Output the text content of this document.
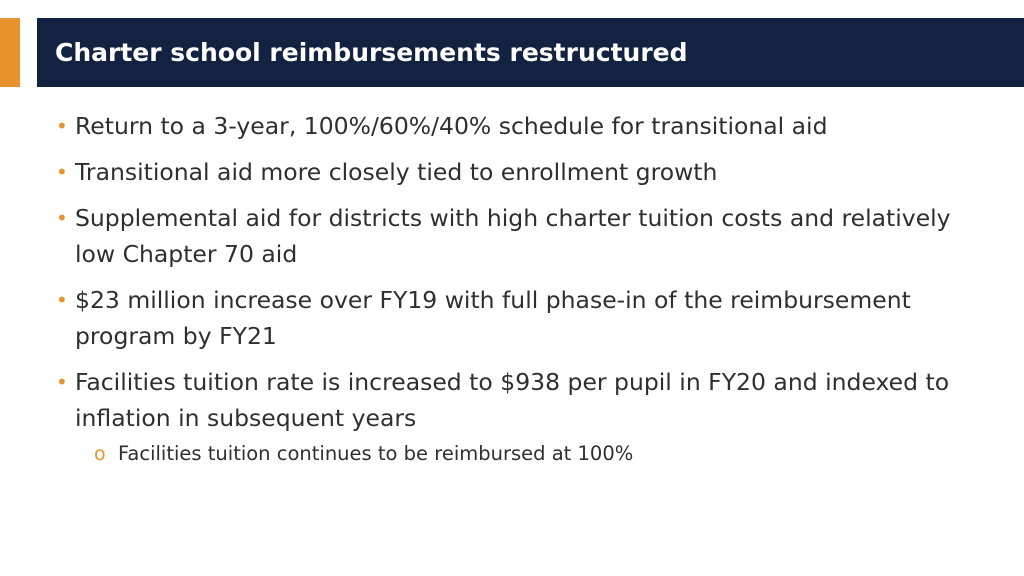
Charter school reimbursements restructured
• Return to a 3-year, 100%/60%/40% schedule for transitional aid
• Transitional aid more closely tied to enrollment growth
• Supplemental aid for districts with high charter tuition costs and relatively low Chapter 70 aid
• $23 million increase over FY19 with full phase-in of the reimbursement program by FY21
• Facilities tuition rate is increased to $938 per pupil in FY20 and indexed to inflation in subsequent years
o Facilities tuition continues to be reimbursed at 100%
